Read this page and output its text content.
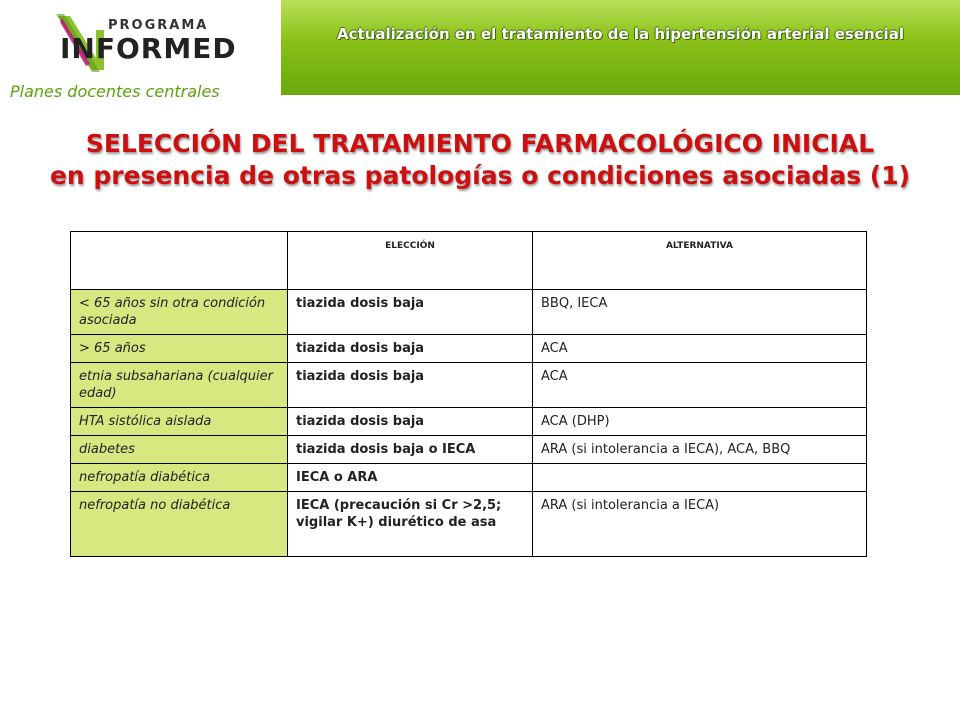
PROGRAMA
INFORMED
Planes docentes centrales
Actualización en el tratamiento de la hipertensión arterial esencial
SELECCIÓN DEL TRATAMIENTO FARMACOLÓGICO INICIAL
en presencia de otras patologías o condiciones asociadas (1)
	ELECCIÓN	ALTERNATIVA
< 65 años sin otra condición asociada	tiazida dosis baja	BBQ, IECA
> 65 años	tiazida dosis baja	ACA
etnia subsahariana (cualquier edad)	tiazida dosis baja	ACA
HTA sistólica aislada	tiazida dosis baja	ACA (DHP)
diabetes	tiazida dosis baja o IECA	ARA (si intolerancia a IECA), ACA, BBQ
nefropatía diabética	IECA o ARA	
nefropatía no diabética	IECA (precaución si Cr >2,5; vigilar K+) diurético de asa	ARA (si intolerancia a IECA)
